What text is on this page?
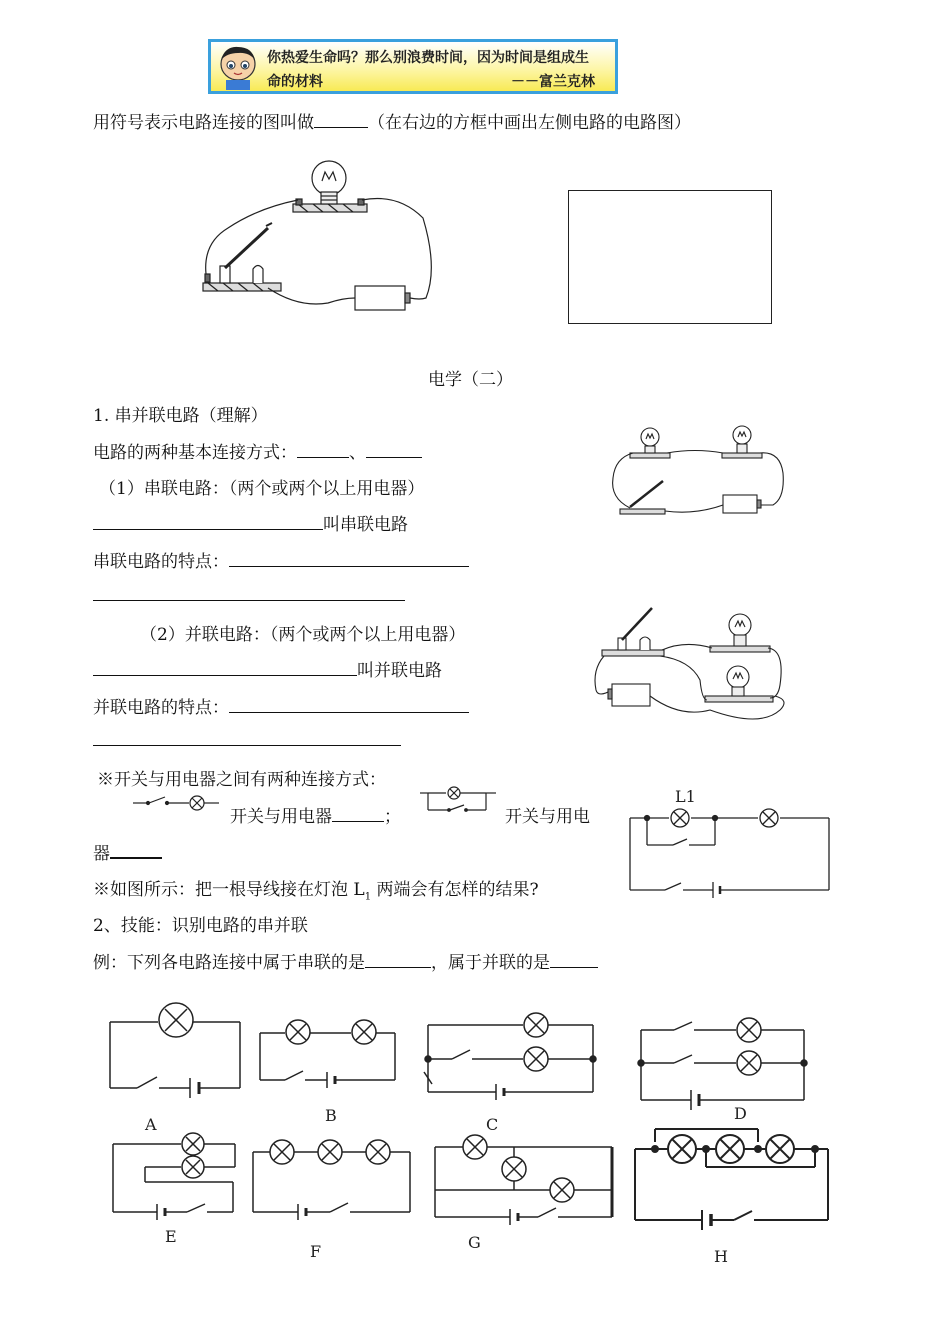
你热爱生命吗？那么别浪费时间，因为时间是组成生
命的材料	－－富兰克林
用符号表示电路连接的图叫做	（在右边的方框中画出左侧电路的电路图）
电学（二）
1. 串并联电路（理解）
电路的两种基本连接方式：	、
（1）串联电路：（两个或两个以上用电器）
叫串联电路
串联电路的特点：
（2）并联电路：（两个或两个以上用电器）
叫并联电路
并联电路的特点：
※开关与用电器之间有两种连接方式：
开关与用电器	；	开关与用电
器
L1
※如图所示：把一根导线接在灯泡 $L_1$ 两端会有怎样的结果?
2、技能：识别电路的串并联
例：下列各电路连接中属于串联的是	，属于并联的是
A	B	C
D
E
F	G
H
